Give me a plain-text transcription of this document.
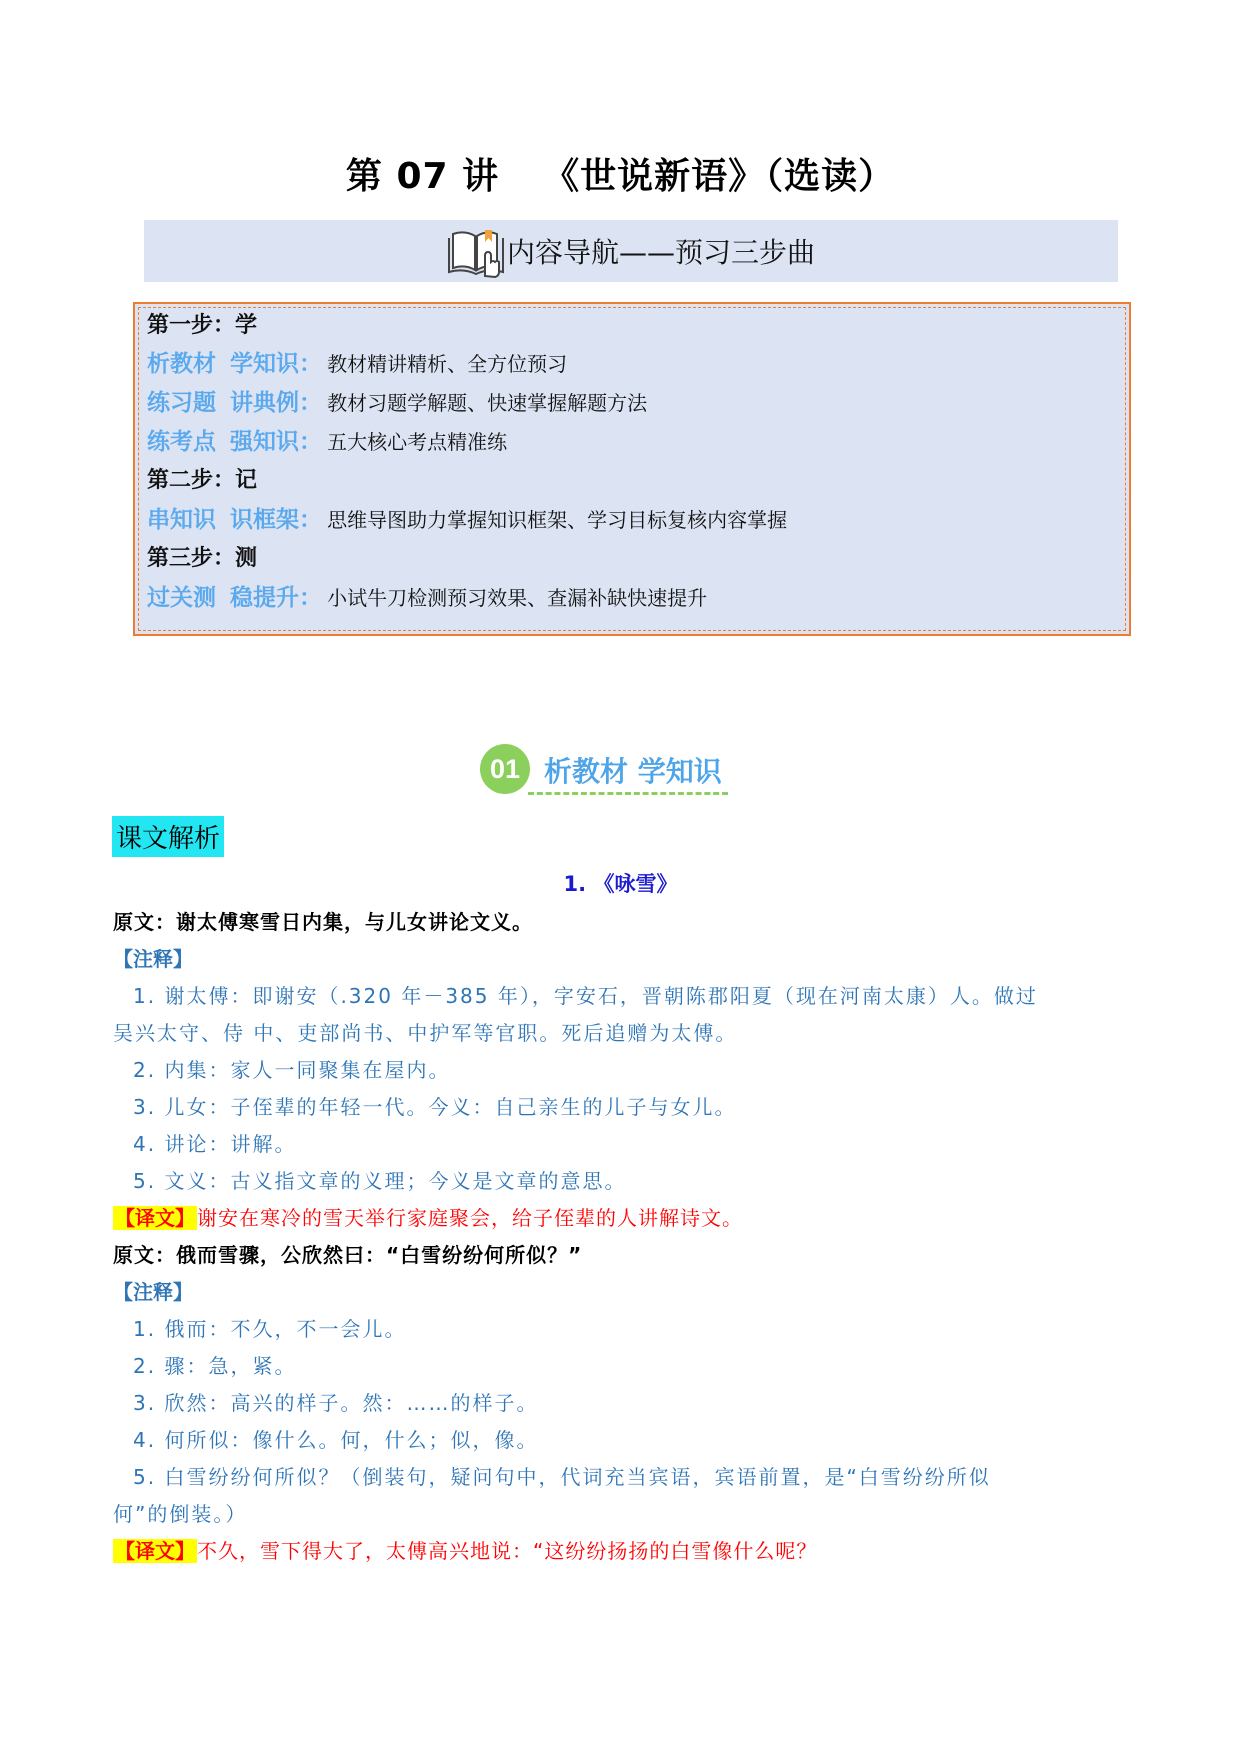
第 07 讲 《世说新语》（选读）
内容导航——预习三步曲
第一步：学
析教材 学知识： 教材精讲精析、全方位预习
练习题 讲典例： 教材习题学解题、快速掌握解题方法
练考点 强知识： 五大核心考点精准练
第二步：记
串知识 识框架： 思维导图助力掌握知识框架、学习目标复核内容掌握
第三步：测
过关测 稳提升： 小试牛刀检测预习效果、查漏补缺快速提升
01 析教材 学知识
课文解析
1. 《咏雪》
原文：谢太傅寒雪日内集，与儿女讲论文义。
【注释】
1. 谢太傅：即谢安（.320 年－385 年），字安石，晋朝陈郡阳夏（现在河南太康）人。做过
吴兴太守、侍 中、吏部尚书、中护军等官职。死后追赠为太傅。
2. 内集：家人一同聚集在屋内。
3. 儿女：子侄辈的年轻一代。今义：自己亲生的儿子与女儿。
4. 讲论：讲解。
5. 文义：古义指文章的义理；今义是文章的意思。
【译文】 谢安在寒冷的雪天举行家庭聚会，给子侄辈的人讲解诗文。
原文：俄而雪骤，公欣然曰：“白雪纷纷何所似？”
【注释】
1. 俄而：不久，不一会儿。
2. 骤：急，紧。
3. 欣然：高兴的样子。然：……的样子。
4. 何所似：像什么。何，什么；似，像。
5. 白雪纷纷何所似？（倒装句，疑问句中，代词充当宾语，宾语前置，是“白雪纷纷所似
何”的倒装。）
【译文】 不久，雪下得大了，太傅高兴地说：“这纷纷扬扬的白雪像什么呢？
